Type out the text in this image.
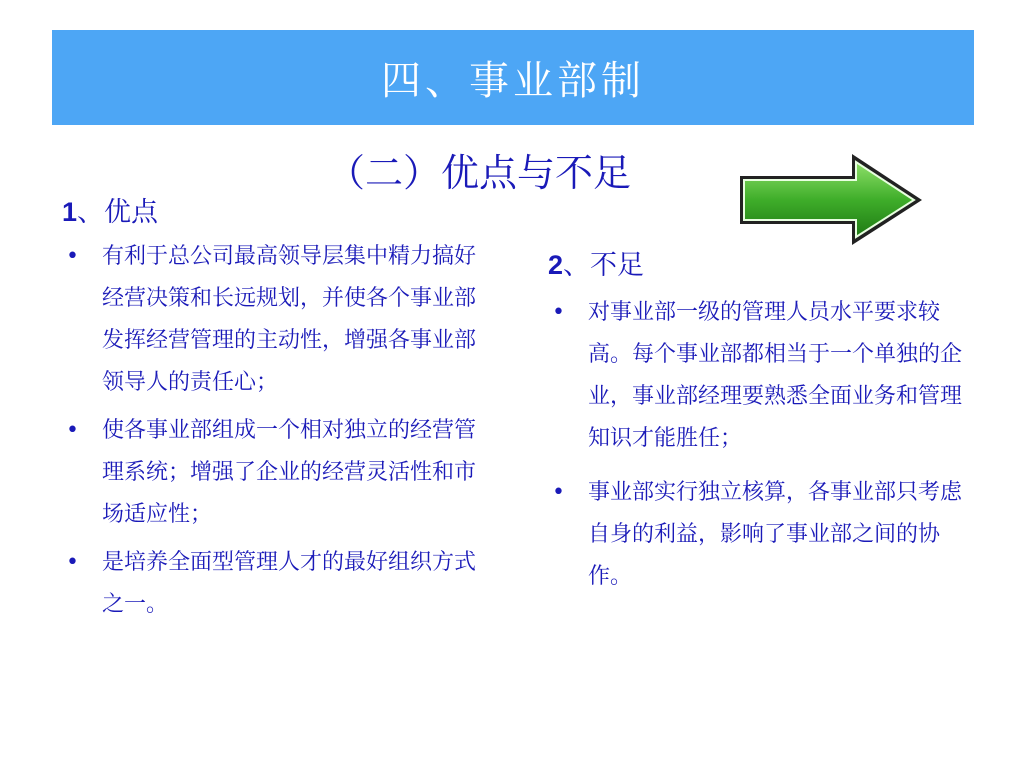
四、事业部制
（二）优点与不足
1、优点
• 有利于总公司最高领导层集中精力搞好经营决策和长远规划，并使各个事业部发挥经营管理的主动性，增强各事业部领导人的责任心；
• 使各事业部组成一个相对独立的经营管理系统；增强了企业的经营灵活性和市场适应性；
• 是培养全面型管理人才的最好组织方式之一。
2、不足
• 对事业部一级的管理人员水平要求较高。每个事业部都相当于一个单独的企业，事业部经理要熟悉全面业务和管理知识才能胜任；
• 事业部实行独立核算，各事业部只考虑自身的利益，影响了事业部之间的协作。
